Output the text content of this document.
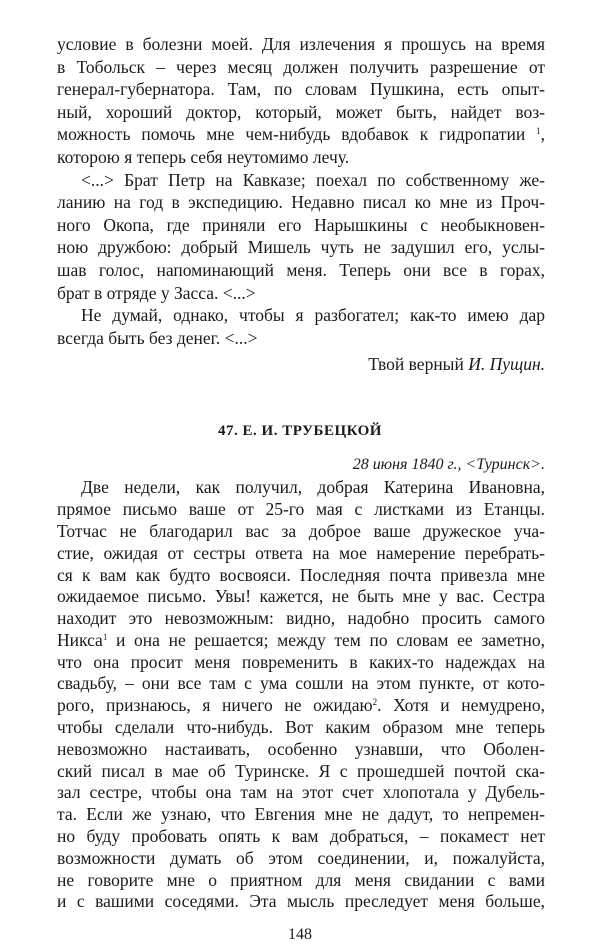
условие в болезни моей. Для излечения я прошусь на время
в Тобольск – через месяц должен получить разрешение от
генерал-губернатора. Там, по словам Пушкина, есть опыт-
ный, хороший доктор, который, может быть, найдет воз-
можность помочь мне чем-нибудь вдобавок к гидропатии $^1$,
которою я теперь себя неутомимо лечу.
<...> Брат Петр на Кавказе; поехал по собственному же-
ланию на год в экспедицию. Недавно писал ко мне из Проч-
ного Окопа, где приняли его Нарышкины с необыкновен-
ною дружбою: добрый Мишель чуть не задушил его, услы-
шав голос, напоминающий меня. Теперь они все в горах,
брат в отряде у Засса. <...>
Не думай, однако, чтобы я разбогател; как-то имею дар
всегда быть без денег. <...>
Твой верный И. Пущин.
47. Е. И. ТРУБЕЦКОЙ
28 июня 1840 г., <Туринск>.
Две недели, как получил, добрая Катерина Ивановна,
прямое письмо ваше от 25-го мая с листками из Етанцы.
Тотчас не благодарил вас за доброе ваше дружеское уча-
стие, ожидая от сестры ответа на мое намерение перебрать-
ся к вам как будто восвояси. Последняя почта привезла мне
ожидаемое письмо. Увы! кажется, не быть мне у вас. Сестра
находит это невозможным: видно, надобно просить самого
Никса$^1$ и она не решается; между тем по словам ее заметно,
что она просит меня повременить в каких-то надеждах на
свадьбу, – они все там с ума сошли на этом пункте, от кото-
рого, признаюсь, я ничего не ожидаю$^2$. Хотя и немудрено,
чтобы сделали что-нибудь. Вот каким образом мне теперь
невозможно настаивать, особенно узнавши, что Оболен-
ский писал в мае об Туринске. Я с прошедшей почтой ска-
зал сестре, чтобы она там на этот счет хлопотала у Дубель-
та. Если же узнаю, что Евгения мне не дадут, то непремен-
но буду пробовать опять к вам добраться, – покамест нет
возможности думать об этом соединении, и, пожалуйста,
не говорите мне о приятном для меня свидании с вами
и с вашими соседями. Эта мысль преследует меня больше,
148
